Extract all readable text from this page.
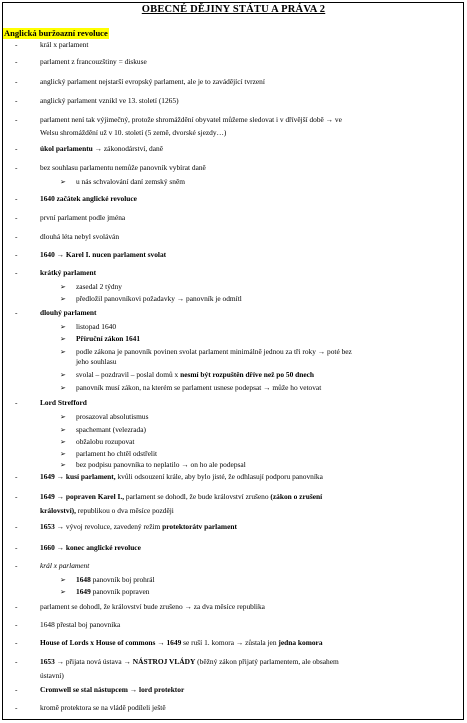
OBECNÉ DĚJINY STÁTU A PRÁVA 2
Anglická buržoazní revoluce
-
-
-
-
-
-
-
-
-
-
-
-
-
-
-
-
-
-
-
-
-
-
-
-
-
➢
➢
➢
➢
➢
➢
➢
➢
➢
➢
➢
➢
➢
➢
➢
král x parlament
parlament z francouzštiny = diskuse
anglický parlament nejstarší evropský parlament, ale je to zavádějící tvrzení
anglický parlament vznikl ve 13. století (1265)
parlament není tak výjimečný, protože shromáždění obyvatel můžeme sledovat i v dřívější době → ve
Welsu shromáždění už v 10. století (5 země, dvorské sjezdy…)
úkol parlamentu → zákonodárství, daně
bez souhlasu parlamentu nemůže panovník vybírat daně
u nás schvalování daní zemský sněm
1640 začátek anglické revoluce
první parlament podle jména
dlouhá léta nebyl svoláván
1640 → Karel I. nucen parlament svolat
krátký parlament
zasedal 2 týdny
předložil panovníkovi požadavky → panovník je odmítl
dlouhý parlament
listopad 1640
Příruční zákon 1641
podle zákona je panovník povinen svolat parlament minimálně jednou za tři roky → poté bez
jeho souhlasu
svolal – pozdravil – poslal domů x nesmí být rozpuštěn dříve než po 50 dnech
panovník musí zákon, na kterém se parlament usnese podepsat → může ho vetovat
Lord Strefford
prosazoval absolutismus
spachemant (velezrada)
obžalobu rozupovat
parlament ho chtěl odstřelit
bez podpisu panovníka to neplatilo → on ho ale podepsal
1649 → kusí parlament, kvůli odsouzení krále, aby bylo jisté, že odhlasují podporu panovníka
1649 → popraven Karel I., parlament se dohodl, že bude království zrušeno (zákon o zrušení
království), republikou o dva měsíce později
1653 → vývoj revoluce, zavedený režim protektorátv parlament
1660 → konec anglické revoluce
král x parlament
1648 panovník boj prohrál
1649 panovník popraven
parlament se dohodl, že království bude zrušeno → za dva měsíce republika
1648 přestal boj panovníka
House of Lords x House of commons → 1649 se ruší 1. komora → zůstala jen jedna komora
1653 → přijata nová ústava → NÁSTROJ VLÁDY (běžný zákon přijatý parlamentem, ale obsahem
ústavní)
Cromwell se stal nástupcem → lord protektor
kromě protektora se na vládě podíleli ještě
